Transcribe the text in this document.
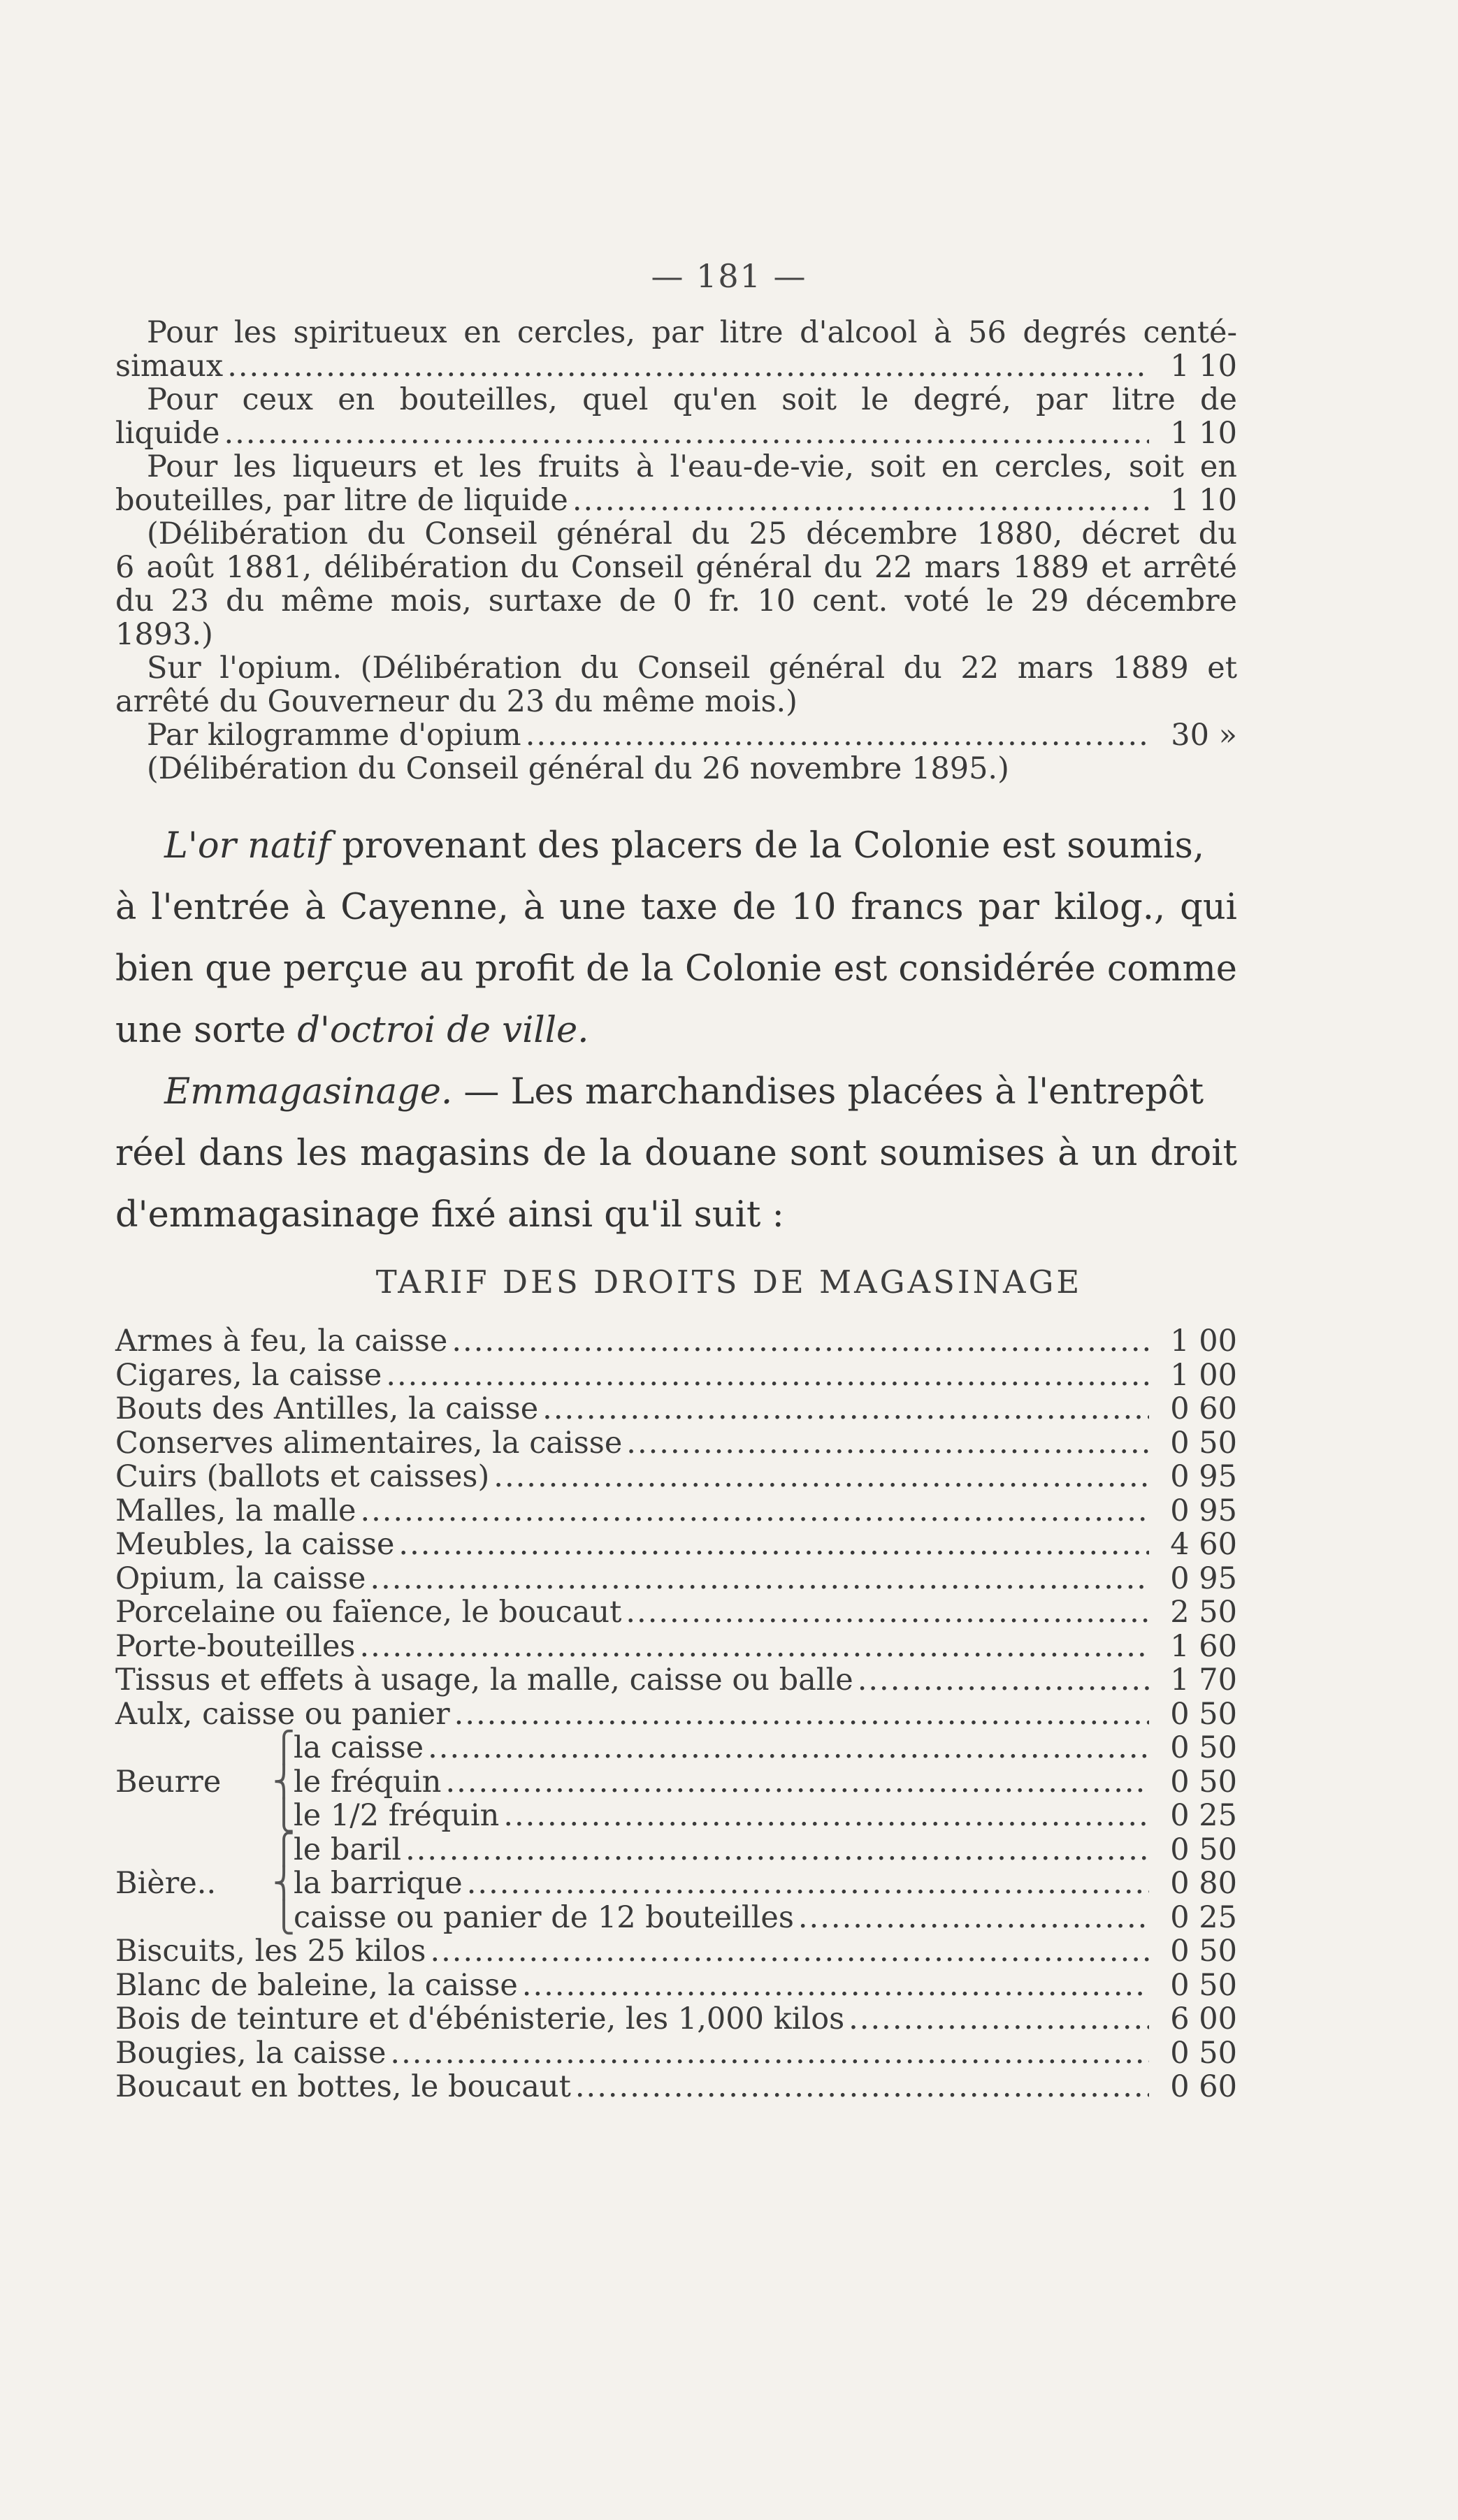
— 181 —

Pour les spiritueux en cercles, par litre d'alcool à 56 degrés centé-

simaux .....	1 10

Pour ceux en bouteilles, quel qu'en soit le degré, par litre de

liquide .....	1 10

Pour les liqueurs et les fruits à l'eau-de-vie, soit en cercles, soit en

bouteilles, par litre de liquide .....	1 10

(Délibération du Conseil général du 25 décembre 1880, décret du

6 août 1881, délibération du Conseil général du 22 mars 1889 et arrêté

du 23 du même mois, surtaxe de 0 fr. 10 cent. voté le 29 décembre

1893.)

Sur l'opium. (Délibération du Conseil général du 22 mars 1889 et

arrêté du Gouverneur du 23 du même mois.)

Par kilogramme d'opium .....	30 »

(Délibération du Conseil général du 26 novembre 1895.)

L'or natif provenant des placers de la Colonie est soumis,

à l'entrée à Cayenne, à une taxe de 10 francs par kilog., qui

bien que perçue au profit de la Colonie est considérée comme

une sorte d'octroi de ville.

Emmagasinage. — Les marchandises placées à l'entrepôt

réel dans les magasins de la douane sont soumises à un droit

d'emmagasinage fixé ainsi qu'il suit :

TARIF DES DROITS DE MAGASINAGE
Armes à feu, la caisse .....	1 00
Cigares, la caisse .....	1 00
Bouts des Antilles, la caisse .....	0 60
Conserves alimentaires, la caisse .....	0 50
Cuirs (ballots et caisses) .....	0 95
Malles, la malle .....	0 95
Meubles, la caisse .....	4 60
Opium, la caisse .....	0 95
Porcelaine ou faïence, le boucaut .....	2 50
Porte-bouteilles .....	1 60
Tissus et effets à usage, la malle, caisse ou balle .....	1 70
Aulx, caisse ou panier .....	0 50
⎧
la caisse .....	0 50
Beurre	⎨
le fréquin .....	0 50
⎩
le 1/2 fréquin .....	0 25
⎧
le baril .....	0 50
Bière..	⎨
la barrique .....	0 80
⎩
caisse ou panier de 12 bouteilles .....	0 25
Biscuits, les 25 kilos .....	0 50
Blanc de baleine, la caisse .....	0 50
Bois de teinture et d'ébénisterie, les 1,000 kilos .....	6 00
Bougies, la caisse .....	0 50
Boucaut en bottes, le boucaut .....	0 60
